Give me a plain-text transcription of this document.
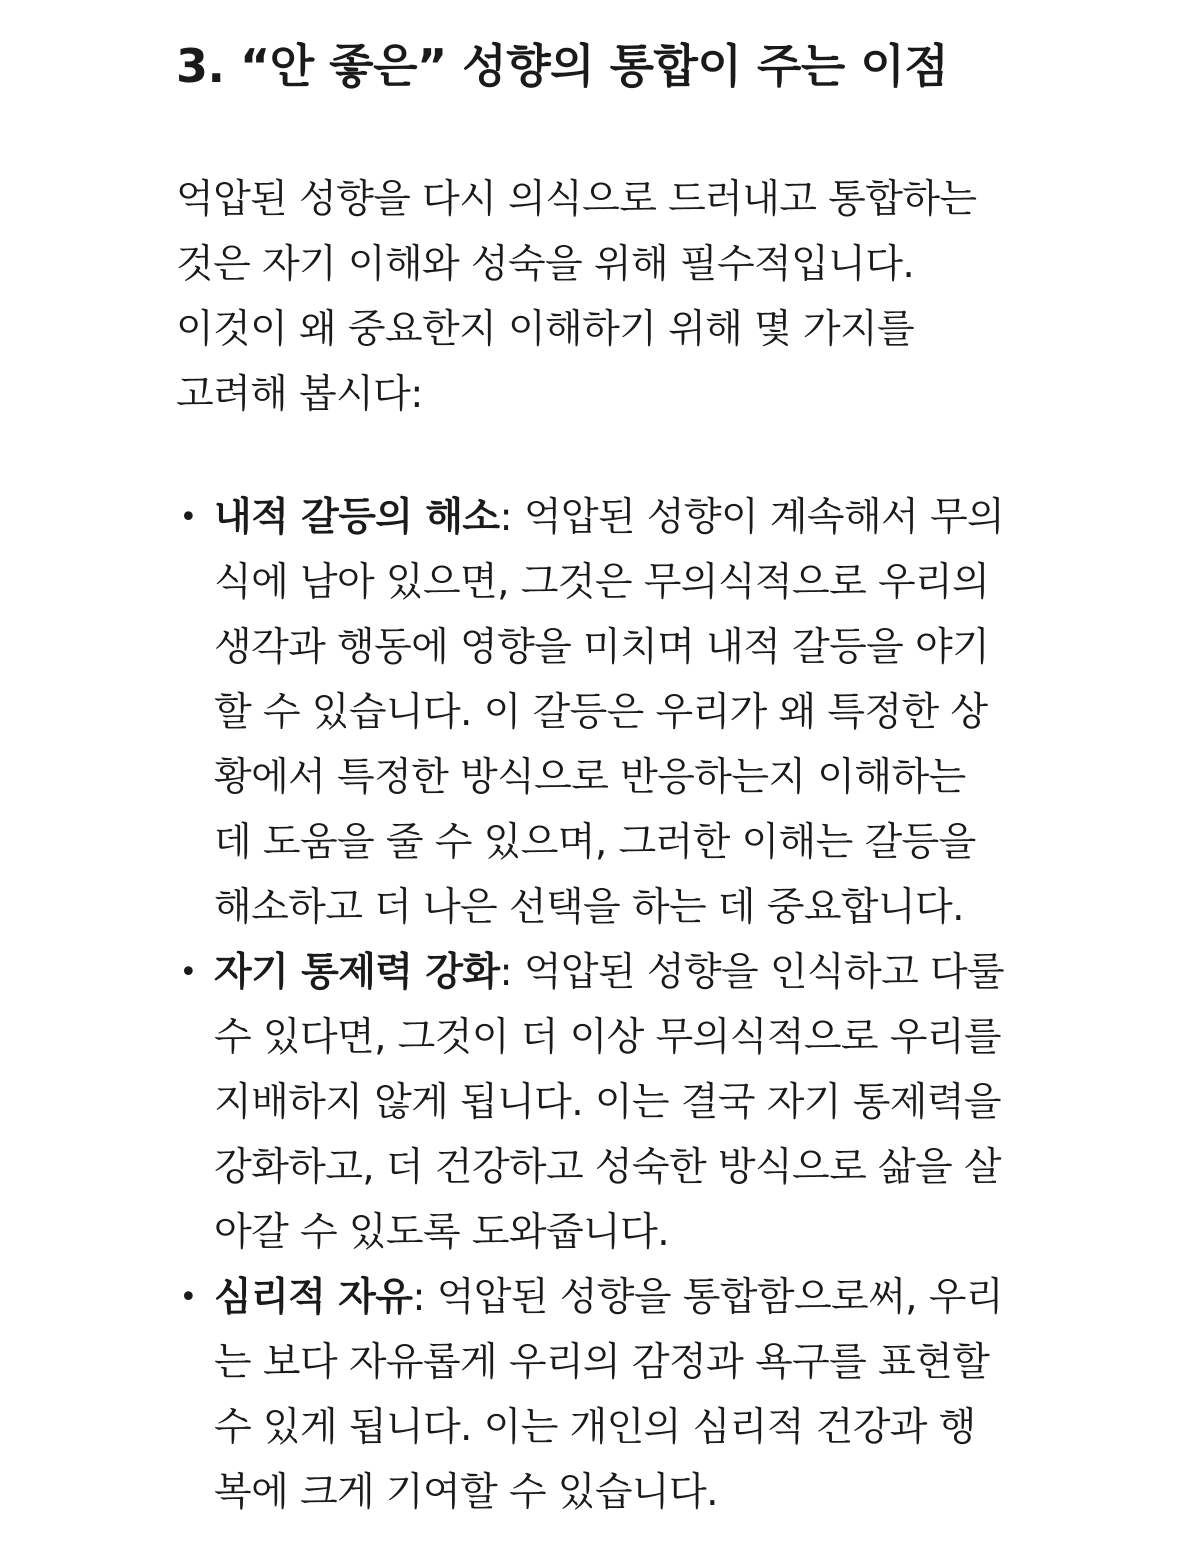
3. “안 좋은” 성향의 통합이 주는 이점

억압된 성향을 다시 의식으로 드러내고 통합하는
것은 자기 이해와 성숙을 위해 필수적입니다.
이것이 왜 중요한지 이해하기 위해 몇 가지를
고려해 봅시다:

• 내적 갈등의 해소: 억압된 성향이 계속해서 무의
식에 남아 있으면, 그것은 무의식적으로 우리의
생각과 행동에 영향을 미치며 내적 갈등을 야기
할 수 있습니다. 이 갈등은 우리가 왜 특정한 상
황에서 특정한 방식으로 반응하는지 이해하는
데 도움을 줄 수 있으며, 그러한 이해는 갈등을
해소하고 더 나은 선택을 하는 데 중요합니다.
• 자기 통제력 강화: 억압된 성향을 인식하고 다룰
수 있다면, 그것이 더 이상 무의식적으로 우리를
지배하지 않게 됩니다. 이는 결국 자기 통제력을
강화하고, 더 건강하고 성숙한 방식으로 삶을 살
아갈 수 있도록 도와줍니다.
• 심리적 자유: 억압된 성향을 통합함으로써, 우리
는 보다 자유롭게 우리의 감정과 욕구를 표현할
수 있게 됩니다. 이는 개인의 심리적 건강과 행
복에 크게 기여할 수 있습니다.
